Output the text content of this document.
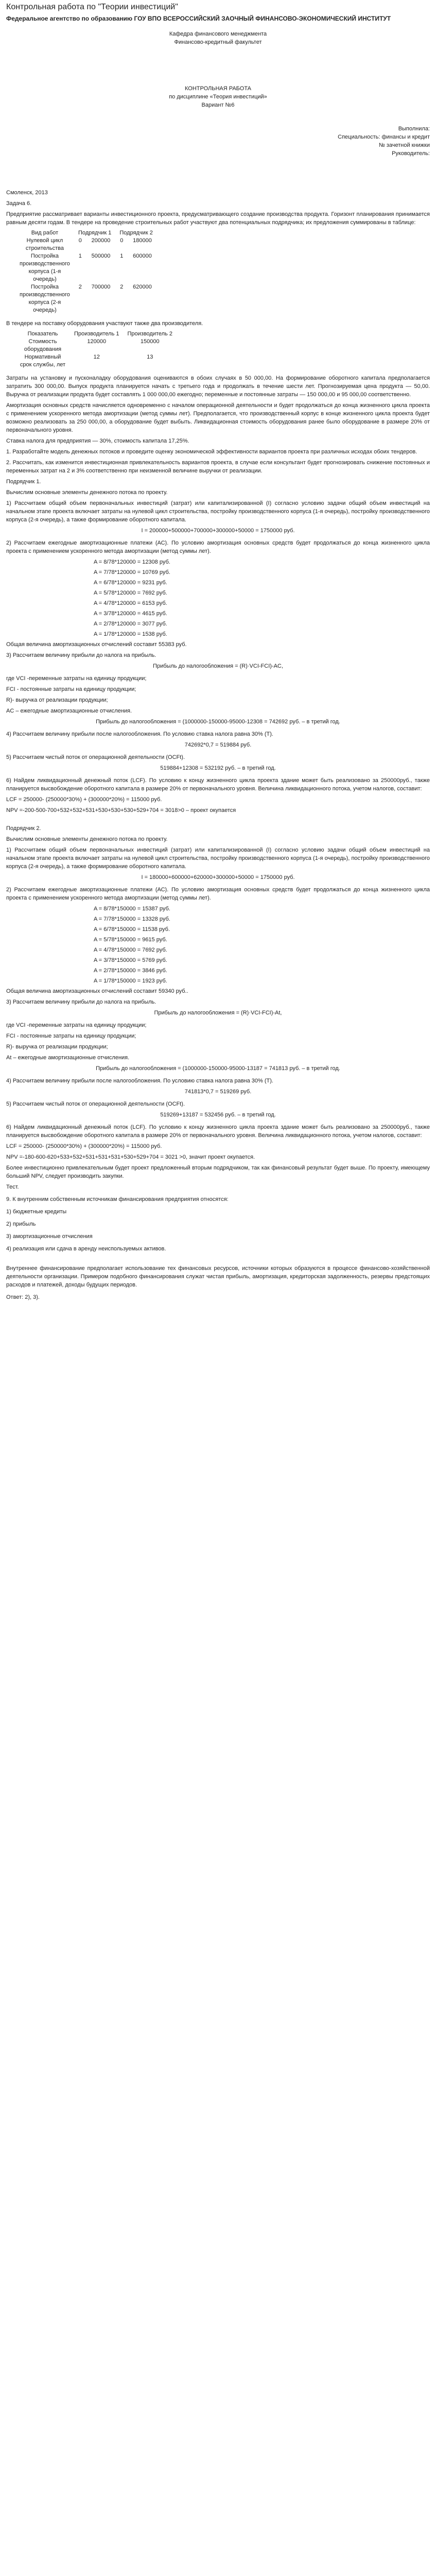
Контрольная работа по "Теории инвестиций"
Федеральное агентство по образованию ГОУ ВПО ВСЕРОССИЙСКИЙ ЗАОЧНЫЙ ФИНАНСОВО-ЭКОНОМИЧЕСКИЙ ИНСТИТУТ
Кафедра финансового менеджмента
Финансово-кредитный факультет
КОНТРОЛЬНАЯ РАБОТА
по дисциплине «Теория инвестиций»
Вариант №6
Выполнила:
Специальность: финансы и кредит
№ зачетной книжки
Руководитель:

Смоленск, 2013

Задача 6.

Предприятие рассматривает варианты инвестиционного проекта, предусматривающего создание производства продукта. Горизонт планирования принимается равным десяти годам. В тендере на проведение строительных работ участвуют два потенциальных подрядчика; их предложения суммированы в таблице:

Вид работ	Подрядчик 1		Подрядчик 2	
Нулевой цикл строительства	0	200000	0	180000
Постройка производственного корпуса (1-я очередь)	1	500000	1	600000
Постройка производственного корпуса (2-я очередь)	2	700000	2	620000

В тендере на поставку оборудования участвуют также два производителя.

Показатель	Производитель 1	Производитель 2
Стоимость оборудования	120000	150000
Нормативный срок службы, лет	12	13

Затраты на установку и пусконаладку оборудования оцениваются в обоих случаях в 50 000,00. На формирование оборотного капитала предполагается затратить 300 000,00. Выпуск продукта планируется начать с третьего года и продолжать в течение шести лет. Прогнозируемая цена продукта — 50,00. Выручка от реализации продукта будет составлять 1 000 000,00 ежегодно; переменные и постоянные затраты — 150 000,00 и 95 000,00 соответственно.

Амортизация основных средств начисляется одновременно с началом операционной деятельности и будет продолжаться до конца жизненного цикла проекта с применением ускоренного метода амортизации (метод суммы лет). Предполагается, что производственный корпус в конце жизненного цикла проекта будет возможно реализовать за 250 000,00, а оборудование будет выбыть. Ликвидационная стоимость оборудования ранее было оборудование в размере 20% от первоначального уровня.

Ставка налога для предприятия — 30%, стоимость капитала 17,25%.

1. Разработайте модель денежных потоков и проведите оценку экономической эффективности вариантов проекта при различных исходах обоих тендеров.

2. Рассчитать, как изменится инвестиционная привлекательность вариантов проекта, в случае если консультант будет прогнозировать снижение постоянных и переменных затрат на 2 и 3% соответственно при неизменной величине выручки от реализации.

Подрядчик 1.

Вычислим основные элементы денежного потока по проекту.

1) Рассчитаем общий объем первоначальных инвестиций (затрат) или капитализированной (I) согласно условию задачи общий объем инвестиций на начальном этапе проекта включает затраты на нулевой цикл строительства, постройку производственного корпуса (1-я очередь), постройку производственного корпуса (2-я очередь), а также формирование оборотного капитала.

I = 200000+500000+700000+300000+50000 = 1750000 руб.

2) Рассчитаем ежегодные амортизационные платежи (АС). По условию амортизация основных средств будет продолжаться до конца жизненного цикла проекта с применением ускоренного метода амортизации (метод суммы лет).

A = 8/78*120000 = 12308 руб.
A = 7/78*120000 = 10769 руб.
A = 6/78*120000 = 9231 руб.
A = 5/78*120000 = 7692 руб.
A = 4/78*120000 = 6153 руб.
A = 3/78*120000 = 4615 руб.
A = 2/78*120000 = 3077 руб.
A = 1/78*120000 = 1538 руб.

Общая величина амортизационных отчислений составит 55383 руб.

3) Рассчитаем величину прибыли до налога на прибыль.

Прибыль до налогообложения = (R)·VCI-FCI)-AC,

где VCI -переменные затраты на единицу продукции;

FCI - постоянные затраты на единицу продукции;

R)- выручка от реализации продукции;

AC – ежегодные амортизационные отчисления.

Прибыль до налогообложения = (1000000-150000-95000-12308 = 742692 руб. – в третий год.

4) Рассчитаем величину прибыли после налогообложения. По условию ставка налога равна 30% (T).

742692*0,7 = 519884 руб.

5) Рассчитаем чистый поток от операционной деятельности (OCFt).

519884+12308 = 532192 руб. – в третий год.

6) Найдем ликвидационный денежный поток (LCF). По условию к концу жизненного цикла проекта здание может быть реализовано за 250000руб., также планируется высвобождение оборотного капитала в размере 20% от первоначального уровня. Величина ликвидационного потока, учетом налогов, составит:

LCF = 250000- (250000*30%) + (300000*20%) = 115000 руб.

NPV =-200-500-700+532+532+531+530+530+530+529+704 = 3018>0 – проект окупается

Подрядчик 2.

Вычислим основные элементы денежного потока по проекту.

1) Рассчитаем общий объем первоначальных инвестиций (затрат) или капитализированной (I) согласно условию задачи общий объем инвестиций на начальном этапе проекта включает затраты на нулевой цикл строительства, постройку производственного корпуса (1-я очередь), постройку производственного корпуса (2-я очередь), а также формирование оборотного капитала.

I = 180000+600000+620000+300000+50000 = 1750000 руб.

2) Рассчитаем ежегодные амортизационные платежи (АС). По условию амортизация основных средств будет продолжаться до конца жизненного цикла проекта с применением ускоренного метода амортизации (метод суммы лет).

A = 8/78*150000 = 15387 руб.
A = 7/78*150000 = 13328 руб.
A = 6/78*150000 = 11538 руб.
A = 5/78*150000 = 9615 руб.
A = 4/78*150000 = 7692 руб.
A = 3/78*150000 = 5769 руб.
A = 2/78*150000 = 3846 руб.
A = 1/78*150000 = 1923 руб.

Общая величина амортизационных отчислений составит 59340 руб..

3) Рассчитаем величину прибыли до налога на прибыль.

Прибыль до налогообложения = (R)·VCI-FCI)-At,

где VCI -переменные затраты на единицу продукции;

FCI - постоянные затраты на единицу продукции;

R)- выручка от реализации продукции;

At – ежегодные амортизационные отчисления.

Прибыль до налогообложения = (1000000-150000-95000-13187 = 741813 руб. – в третий год.

4) Рассчитаем величину прибыли после налогообложения. По условию ставка налога равна 30% (T).

741813*0,7 = 519269 руб.

5) Рассчитаем чистый поток от операционной деятельности (OCFt).

519269+13187 = 532456 руб. – в третий год.

6) Найдем ликвидационный денежный поток (LCF). По условию к концу жизненного цикла проекта здание может быть реализовано за 250000руб., также планируется высвобождение оборотного капитала в размере 20% от первоначального уровня. Величина ликвидационного потока, учетом налогов, составит:

LCF = 250000- (250000*30%) + (300000*20%) = 115000 руб.

NPV =-180-600-620+533+532+531+531+531+530+529+704 = 3021 >0, значит проект окупается.

Более инвестиционно привлекательным будет проект предложенный вторым подрядчиком, так как финансовый результат будет выше. По проекту, имеющему больший NPV, следует производить закупки.

Тест.

9. К внутренним собственным источникам финансирования предприятия относятся:

1) бюджетные кредиты

2) прибыль

3) амортизационные отчисления

4) реализация или сдача в аренду неиспользуемых активов.

Внутреннее финансирование предполагает использование тех финансовых ресурсов, источники которых образуются в процессе финансово-хозяйственной деятельности организации. Примером подобного финансирования служат чистая прибыль, амортизация, кредиторская задолженность, резервы предстоящих расходов и платежей, доходы будущих периодов.

Ответ: 2), 3).
